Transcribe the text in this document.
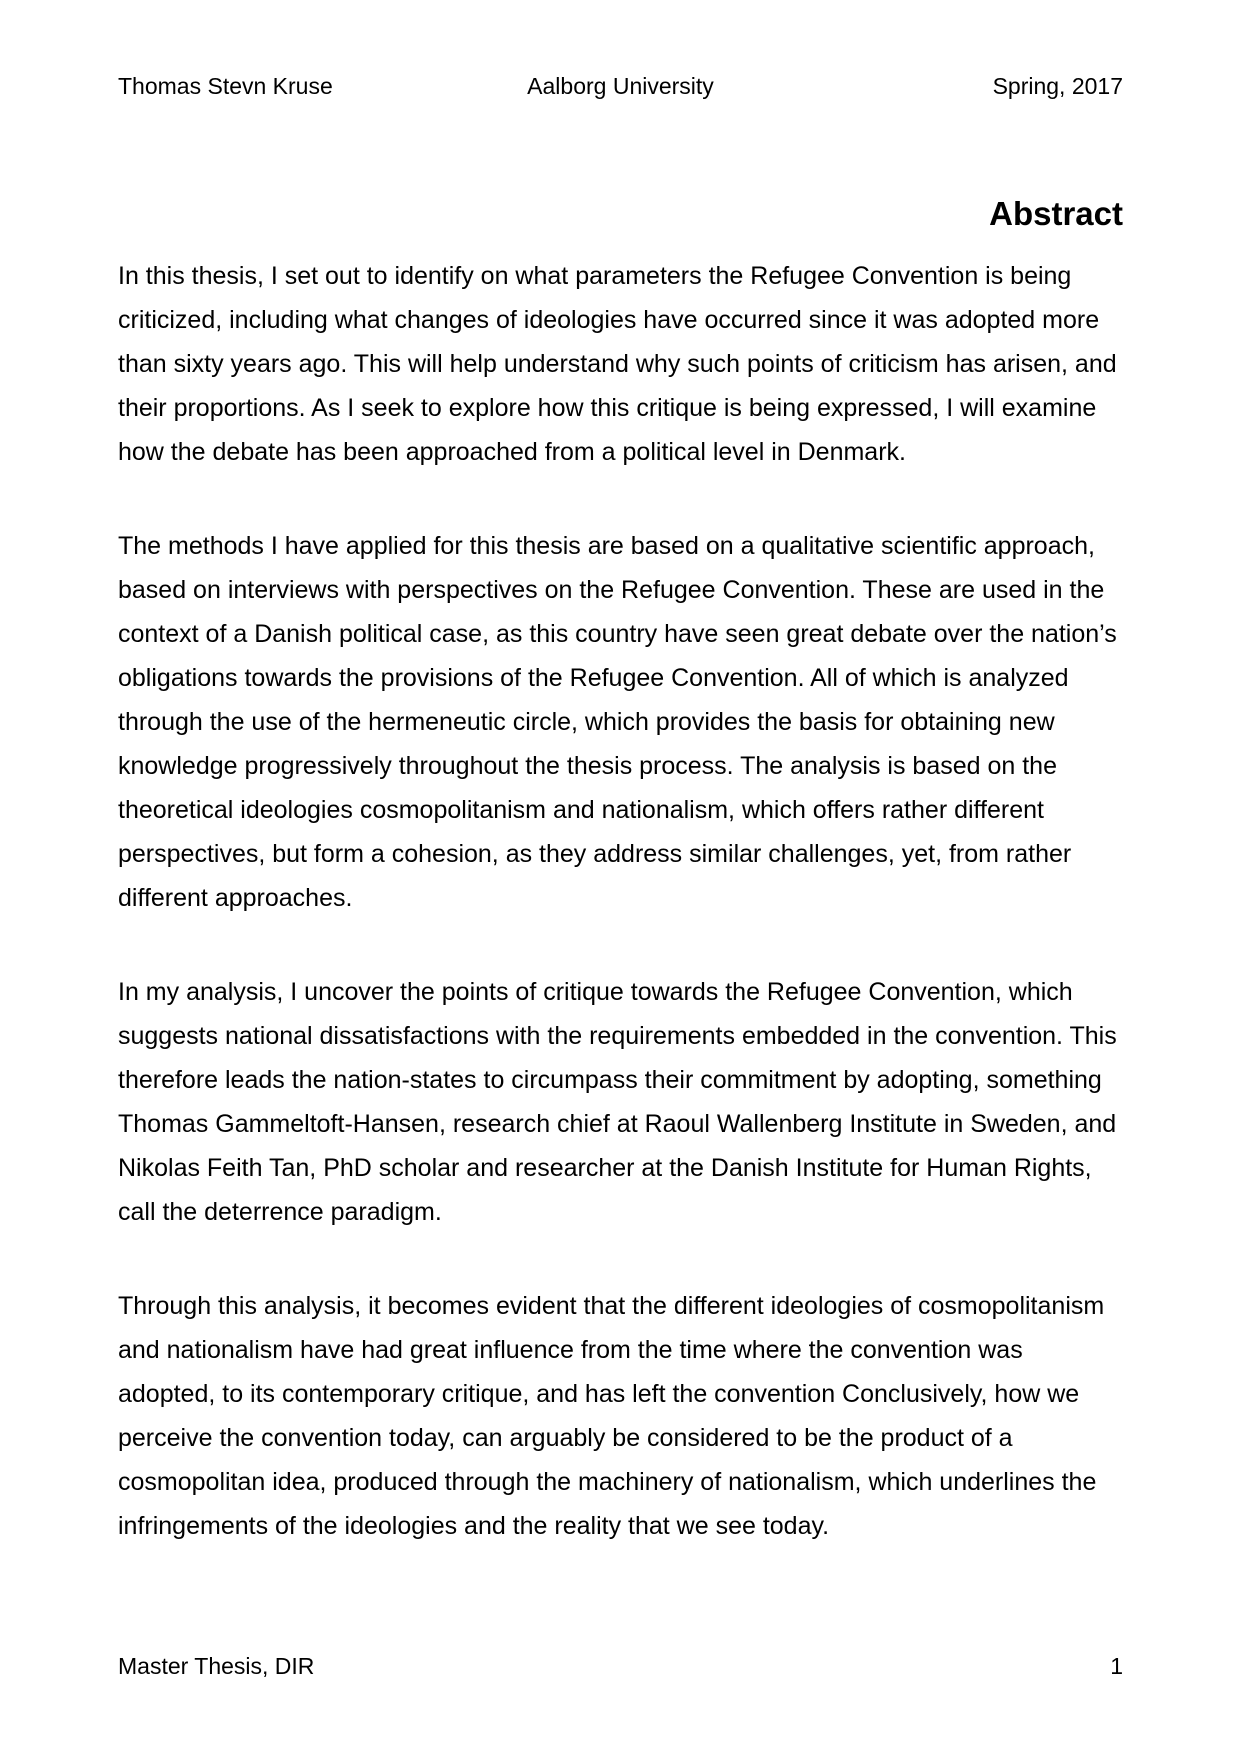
Thomas Stevn Kruse	Aalborg University	Spring, 2017
Abstract

In this thesis, I set out to identify on what parameters the Refugee Convention is being criticized, including what changes of ideologies have occurred since it was adopted more than sixty years ago. This will help understand why such points of criticism has arisen, and their proportions. As I seek to explore how this critique is being expressed, I will examine how the debate has been approached from a political level in Denmark.

The methods I have applied for this thesis are based on a qualitative scientific approach, based on interviews with perspectives on the Refugee Convention. These are used in the context of a Danish political case, as this country have seen great debate over the nation’s obligations towards the provisions of the Refugee Convention. All of which is analyzed through the use of the hermeneutic circle, which provides the basis for obtaining new knowledge progressively throughout the thesis process. The analysis is based on the theoretical ideologies cosmopolitanism and nationalism, which offers rather different perspectives, but form a cohesion, as they address similar challenges, yet, from rather different approaches.

In my analysis, I uncover the points of critique towards the Refugee Convention, which suggests national dissatisfactions with the requirements embedded in the convention. This therefore leads the nation-states to circumpass their commitment by adopting, something Thomas Gammeltoft-Hansen, research chief at Raoul Wallenberg Institute in Sweden, and Nikolas Feith Tan, PhD scholar and researcher at the Danish Institute for Human Rights, call the deterrence paradigm.

Through this analysis, it becomes evident that the different ideologies of cosmopolitanism and nationalism have had great influence from the time where the convention was adopted, to its contemporary critique, and has left the convention Conclusively, how we perceive the convention today, can arguably be considered to be the product of a cosmopolitan idea, produced through the machinery of nationalism, which underlines the infringements of the ideologies and the reality that we see today.

Master Thesis, DIR	1
